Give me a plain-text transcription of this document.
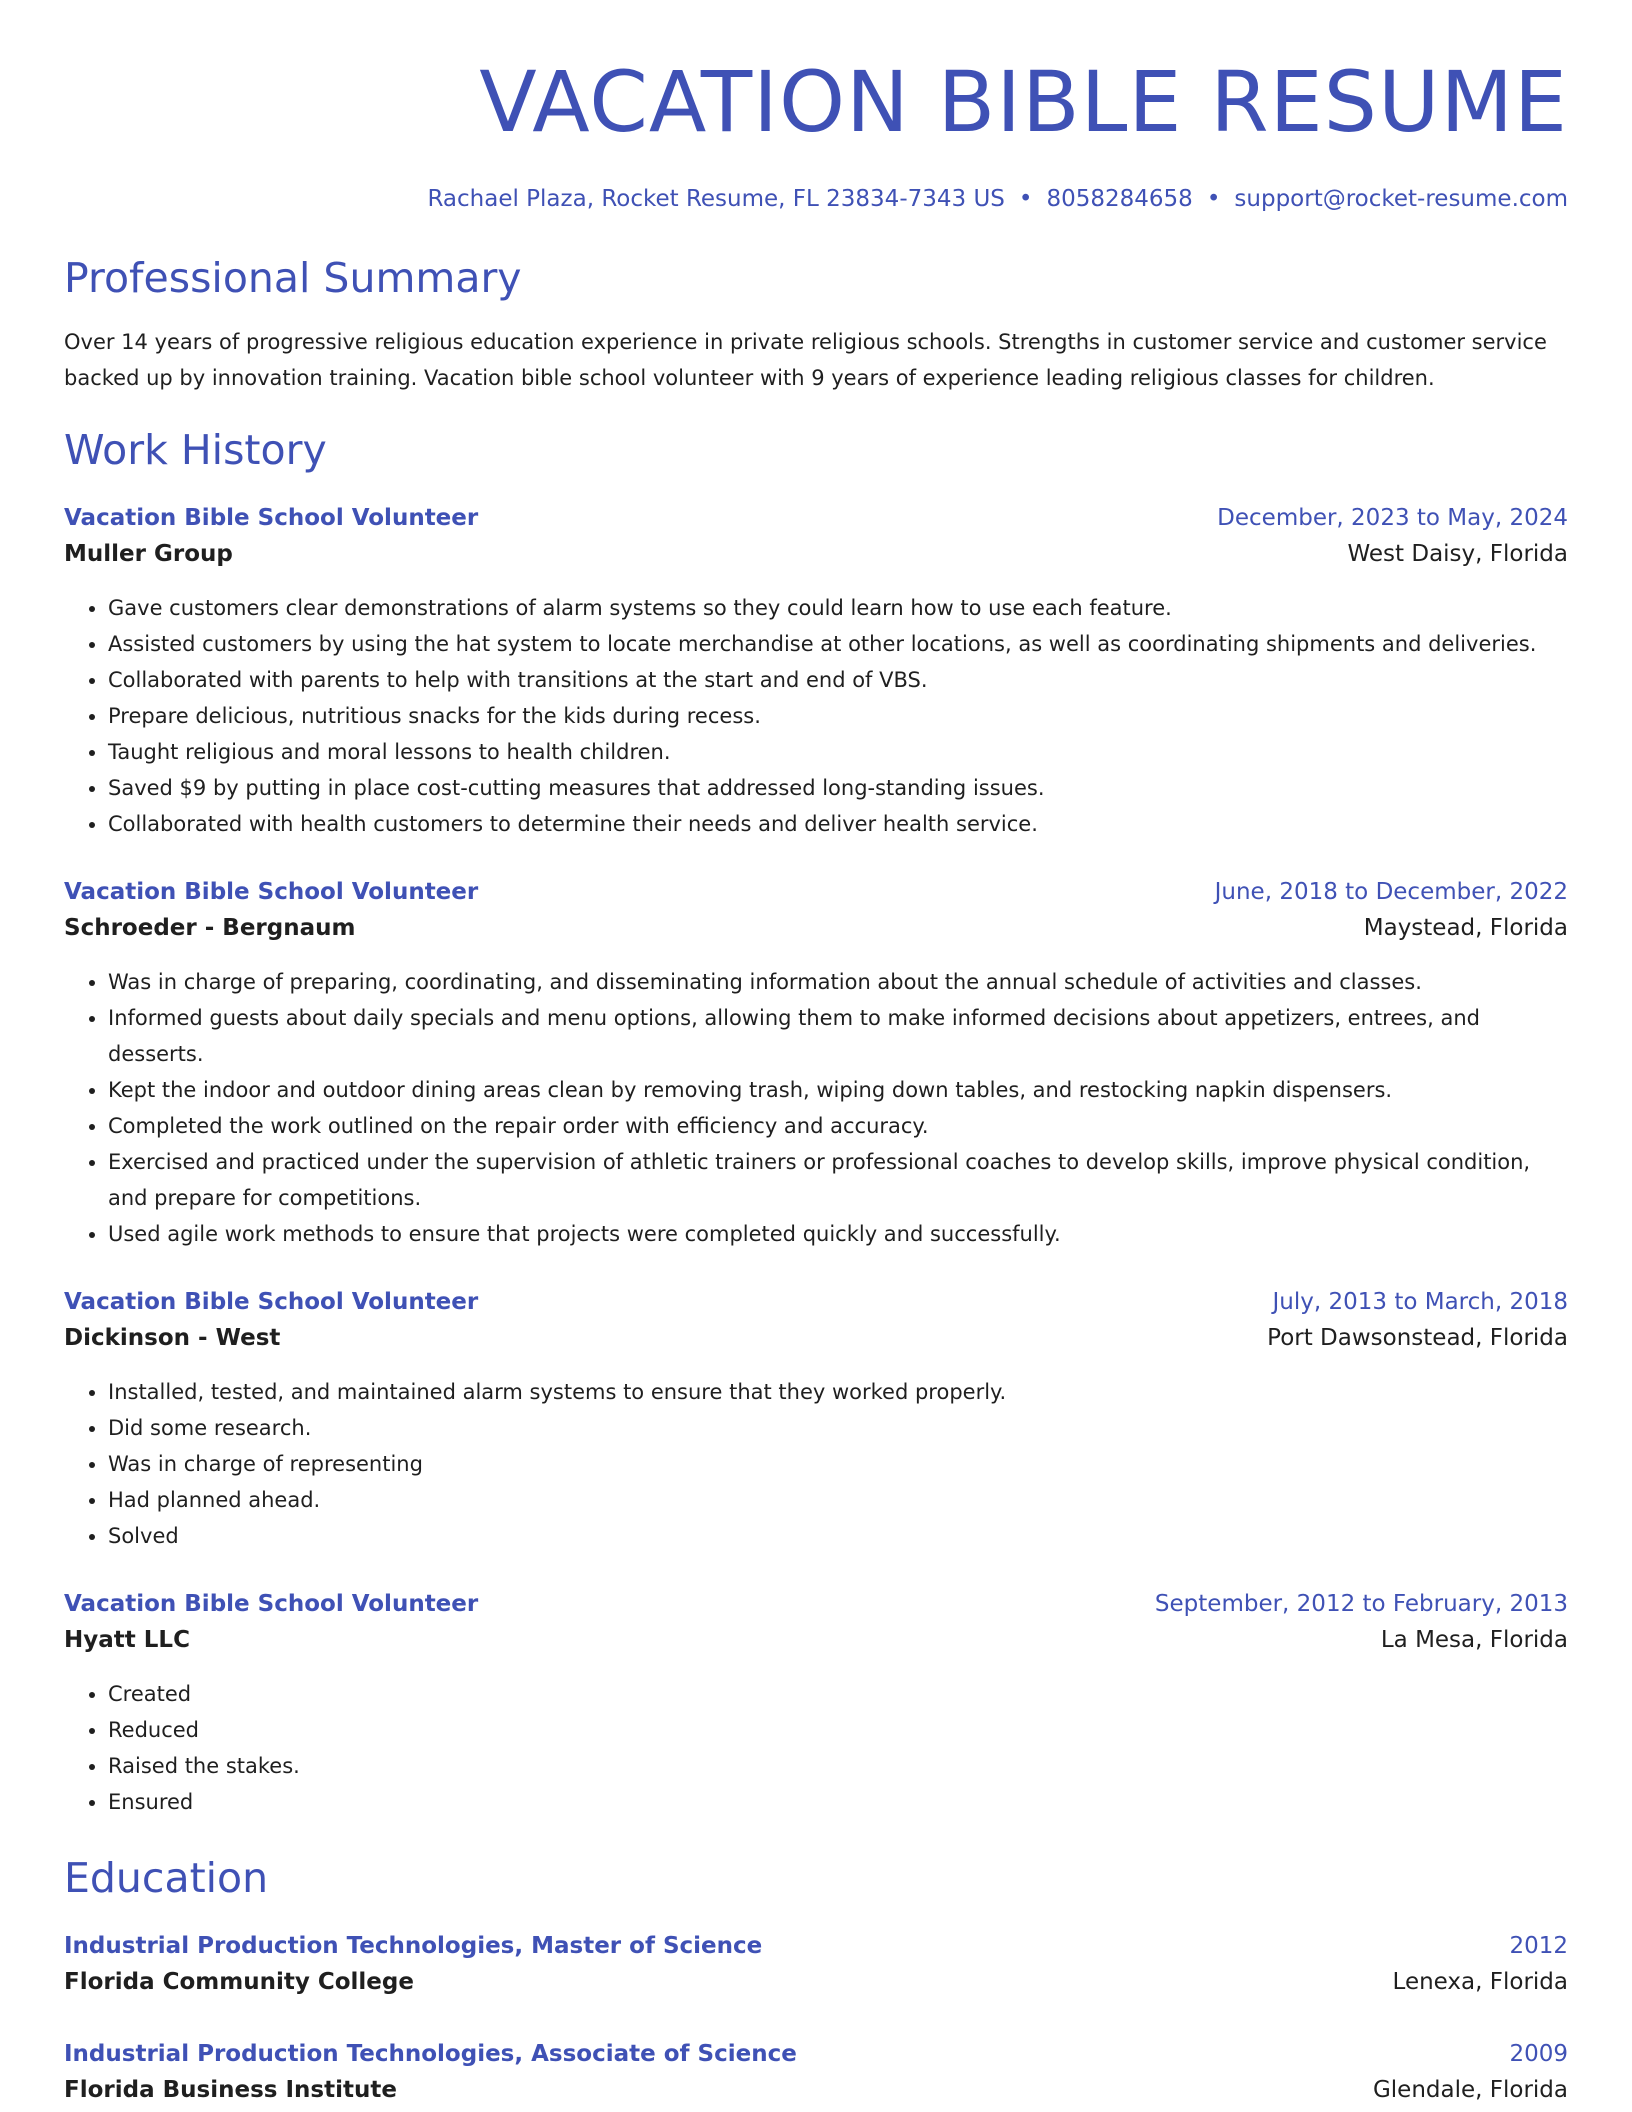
VACATION BIBLE RESUME
Rachael Plaza, Rocket Resume, FL 23834-7343 US • 8058284658 • support@rocket-resume.com
Professional Summary

Over 14 years of progressive religious education experience in private religious schools. Strengths in customer service and customer service backed up by innovation training. Vacation bible school volunteer with 9 years of experience leading religious classes for children.

Work History
Vacation Bible School Volunteer	December, 2023 to May, 2024
Muller Group	West Daisy, Florida
• Gave customers clear demonstrations of alarm systems so they could learn how to use each feature.
• Assisted customers by using the hat system to locate merchandise at other locations, as well as coordinating shipments and deliveries.
• Collaborated with parents to help with transitions at the start and end of VBS.
• Prepare delicious, nutritious snacks for the kids during recess.
• Taught religious and moral lessons to health children.
• Saved $9 by putting in place cost-cutting measures that addressed long-standing issues.
• Collaborated with health customers to determine their needs and deliver health service.
Vacation Bible School Volunteer	June, 2018 to December, 2022
Schroeder - Bergnaum	Maystead, Florida
• Was in charge of preparing, coordinating, and disseminating information about the annual schedule of activities and classes.
• Informed guests about daily specials and menu options, allowing them to make informed decisions about appetizers, entrees, and desserts.
• Kept the indoor and outdoor dining areas clean by removing trash, wiping down tables, and restocking napkin dispensers.
• Completed the work outlined on the repair order with efficiency and accuracy.
• Exercised and practiced under the supervision of athletic trainers or professional coaches to develop skills, improve physical condition, and prepare for competitions.
• Used agile work methods to ensure that projects were completed quickly and successfully.
Vacation Bible School Volunteer	July, 2013 to March, 2018
Dickinson - West	Port Dawsonstead, Florida
• Installed, tested, and maintained alarm systems to ensure that they worked properly.
• Did some research.
• Was in charge of representing
• Had planned ahead.
• Solved
Vacation Bible School Volunteer	September, 2012 to February, 2013
Hyatt LLC	La Mesa, Florida
• Created
• Reduced
• Raised the stakes.
• Ensured
Education
Industrial Production Technologies, Master of Science	2012
Florida Community College	Lenexa, Florida
Industrial Production Technologies, Associate of Science	2009
Florida Business Institute	Glendale, Florida
